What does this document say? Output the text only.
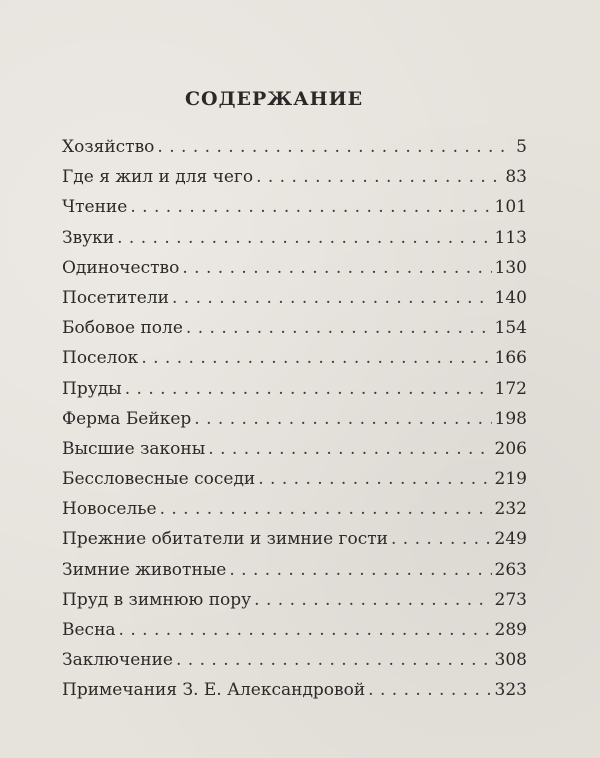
СОДЕРЖАНИЕ
Хозяйство . . .	5
Где я жил и для чего . . .	83
Чтение . . .	101
Звуки . . .	113
Одиночество . . .	130
Посетители . . .	140
Бобовое поле . . .	154
Поселок . . .	166
Пруды . . .	172
Ферма Бейкер . . .	198
Высшие законы . . .	206
Бессловесные соседи . . .	219
Новоселье . . .	232
Прежние обитатели и зимние гости . . .	249
Зимние животные . . .	263
Пруд в зимнюю пору . . .	273
Весна . . .	289
Заключение . . .	308
Примечания З. Е. Александровой . . .	323
